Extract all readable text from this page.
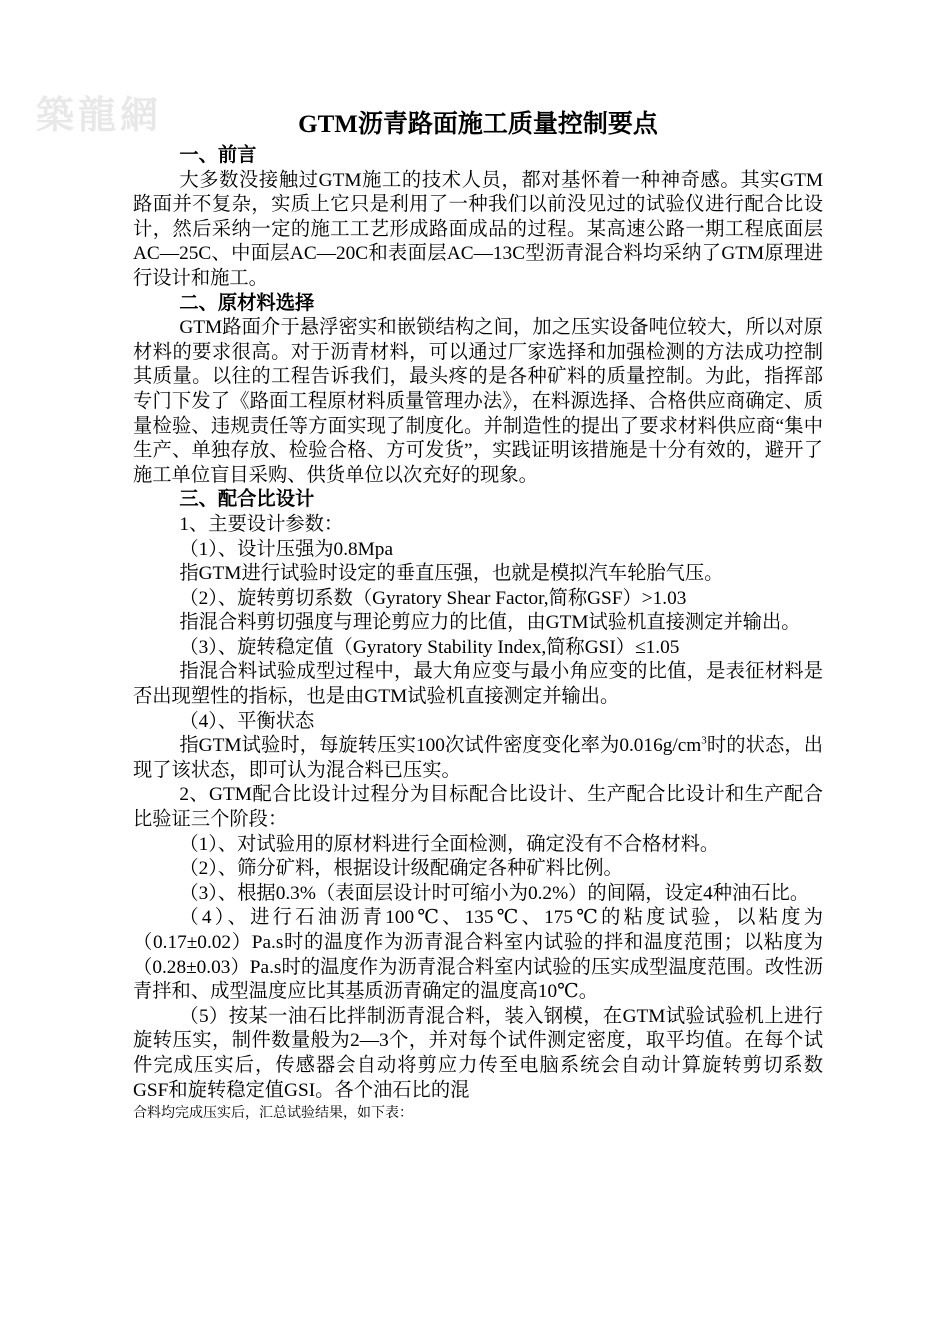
築龍網	GTM沥青路面施工质量控制要点

一、前言

大多数没接触过GTM施工的技术人员，都对基怀着一种神奇感。其实GTM路面并不复杂，实质上它只是利用了一种我们以前没见过的试验仪进行配合比设计，然后采纳一定的施工工艺形成路面成品的过程。某高速公路一期工程底面层AC—25C、中面层AC—20C和表面层AC—13C型沥青混合料均采纳了GTM原理进行设计和施工。

二、原材料选择

GTM路面介于悬浮密实和嵌锁结构之间，加之压实设备吨位较大，所以对原材料的要求很高。对于沥青材料，可以通过厂家选择和加强检测的方法成功控制其质量。以往的工程告诉我们，最头疼的是各种矿料的质量控制。为此，指挥部专门下发了《路面工程原材料质量管理办法》，在料源选择、合格供应商确定、质量检验、违规责任等方面实现了制度化。并制造性的提出了要求材料供应商“集中生产、单独存放、检验合格、方可发货”，实践证明该措施是十分有效的，避开了施工单位盲目采购、供货单位以次充好的现象。

三、配合比设计

1、主要设计参数：

（1）、设计压强为0.8Mpa

指GTM进行试验时设定的垂直压强，也就是模拟汽车轮胎气压。

（2）、旋转剪切系数（Gyratory Shear Factor,简称GSF）>1.03

指混合料剪切强度与理论剪应力的比值，由GTM试验机直接测定并输出。

（3）、旋转稳定值（Gyratory Stability Index,简称GSI）≤1.05

指混合料试验成型过程中，最大角应变与最小角应变的比值，是表征材料是否出现塑性的指标，也是由GTM试验机直接测定并输出。

（4）、平衡状态

指GTM试验时，每旋转压实100次试件密度变化率为$0.016g/cm^3$时的状态，出现了该状态，即可认为混合料已压实。

2、GTM配合比设计过程分为目标配合比设计、生产配合比设计和生产配合比验证三个阶段：

（1）、对试验用的原材料进行全面检测，确定没有不合格材料。

（2）、筛分矿料，根据设计级配确定各种矿料比例。

（3）、根据0.3%（表面层设计时可缩小为0.2%）的间隔，设定4种油石比。

（4）、进行石油沥青100℃、135℃、175℃的粘度试验，以粘度为（0.17±0.02）Pa.s时的温度作为沥青混合料室内试验的拌和温度范围；以粘度为（0.28±0.03）Pa.s时的温度作为沥青混合料室内试验的压实成型温度范围。改性沥青拌和、成型温度应比其基质沥青确定的温度高10℃。

（5）按某一油石比拌制沥青混合料，装入钢模，在GTM试验试验机上进行旋转压实，制件数量般为2—3个，并对每个试件测定密度，取平均值。在每个试件完成压实后，传感器会自动将剪应力传至电脑系统会自动计算旋转剪切系数GSF和旋转稳定值GSI。各个油石比的混

合料均完成压实后，汇总试验结果，如下表：
